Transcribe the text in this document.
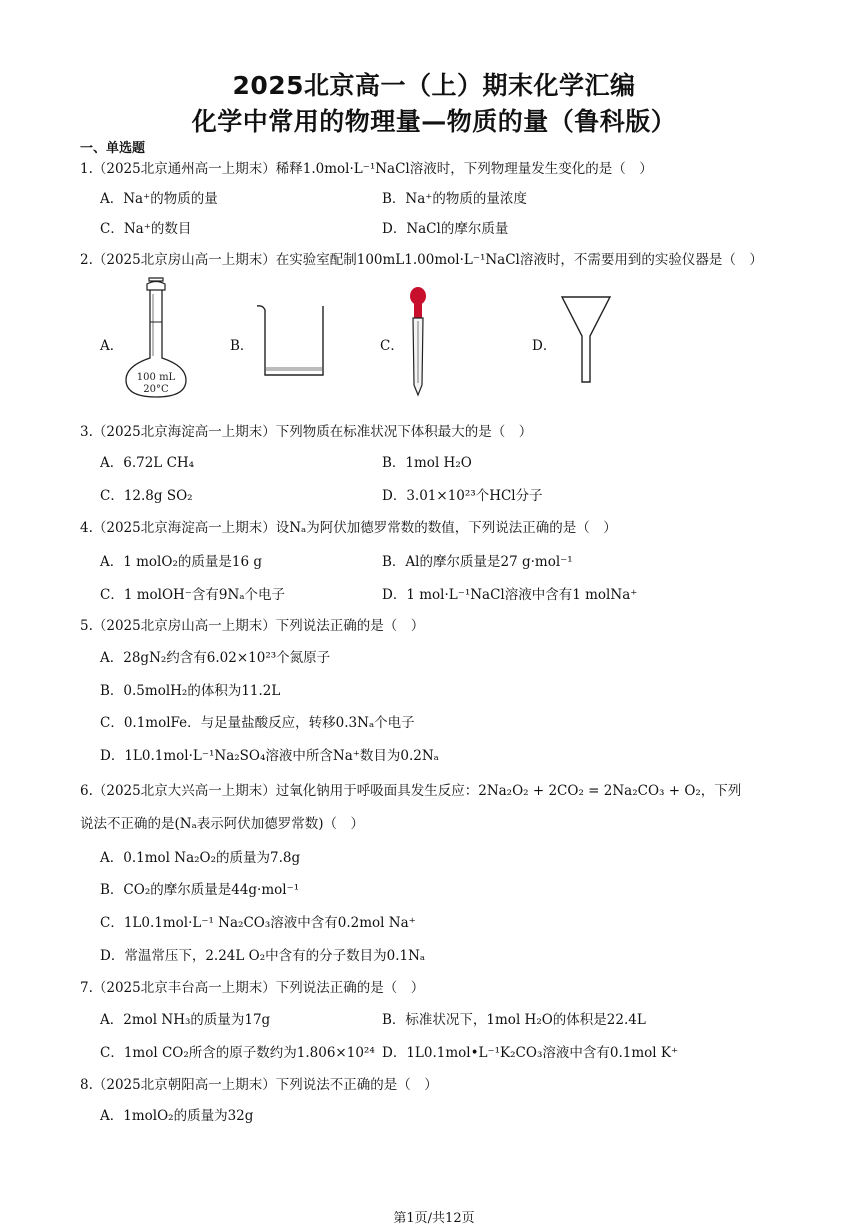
2025北京高一（上）期末化学汇编
化学中常用的物理量—物质的量（鲁科版）
一、单选题
1.（2025北京通州高一上期末）稀释1.0mol·L⁻¹NaCl溶液时，下列物理量发生变化的是（　）
A．Na⁺的物质的量	B．Na⁺的物质的量浓度
C．Na⁺的数目	D．NaCl的摩尔质量
2.（2025北京房山高一上期末）在实验室配制100mL1.00mol·L⁻¹NaCl溶液时，不需要用到的实验仪器是（　）
A．	B．	C．	D．
100 mL
20°C
3.（2025北京海淀高一上期末）下列物质在标准状况下体积最大的是（　）
A．6.72L CH₄	B．1mol H₂O
C．12.8g SO₂	D．3.01×10²³个HCl分子
4.（2025北京海淀高一上期末）设Nₐ为阿伏加德罗常数的数值，下列说法正确的是（　）
A．1 molO₂的质量是16 g	B．Al的摩尔质量是27 g·mol⁻¹
C．1 molOH⁻含有9Nₐ个电子	D．1 mol·L⁻¹NaCl溶液中含有1 molNa⁺
5.（2025北京房山高一上期末）下列说法正确的是（　）
A．28gN₂约含有6.02×10²³个氮原子
B．0.5molH₂的体积为11.2L
C．0.1molFe．与足量盐酸反应，转移0.3Nₐ个电子
D．1L0.1mol·L⁻¹Na₂SO₄溶液中所含Na⁺数目为0.2Nₐ
6.（2025北京大兴高一上期末）过氧化钠用于呼吸面具发生反应：2Na₂O₂ + 2CO₂ = 2Na₂CO₃ + O₂，下列
说法不正确的是(Nₐ表示阿伏加德罗常数)（　）
A．0.1mol Na₂O₂的质量为7.8g
B．CO₂的摩尔质量是44g·mol⁻¹
C．1L0.1mol·L⁻¹ Na₂CO₃溶液中含有0.2mol Na⁺
D．常温常压下，2.24L O₂中含有的分子数目为0.1Nₐ
7.（2025北京丰台高一上期末）下列说法正确的是（　）
A．2mol NH₃的质量为17g	B．标准状况下，1mol H₂O的体积是22.4L
C．1mol CO₂所含的原子数约为1.806×10²⁴ D．1L0.1mol•L⁻¹K₂CO₃溶液中含有0.1mol K⁺
8.（2025北京朝阳高一上期末）下列说法不正确的是（　）
A．1molO₂的质量为32g
第1页/共12页
